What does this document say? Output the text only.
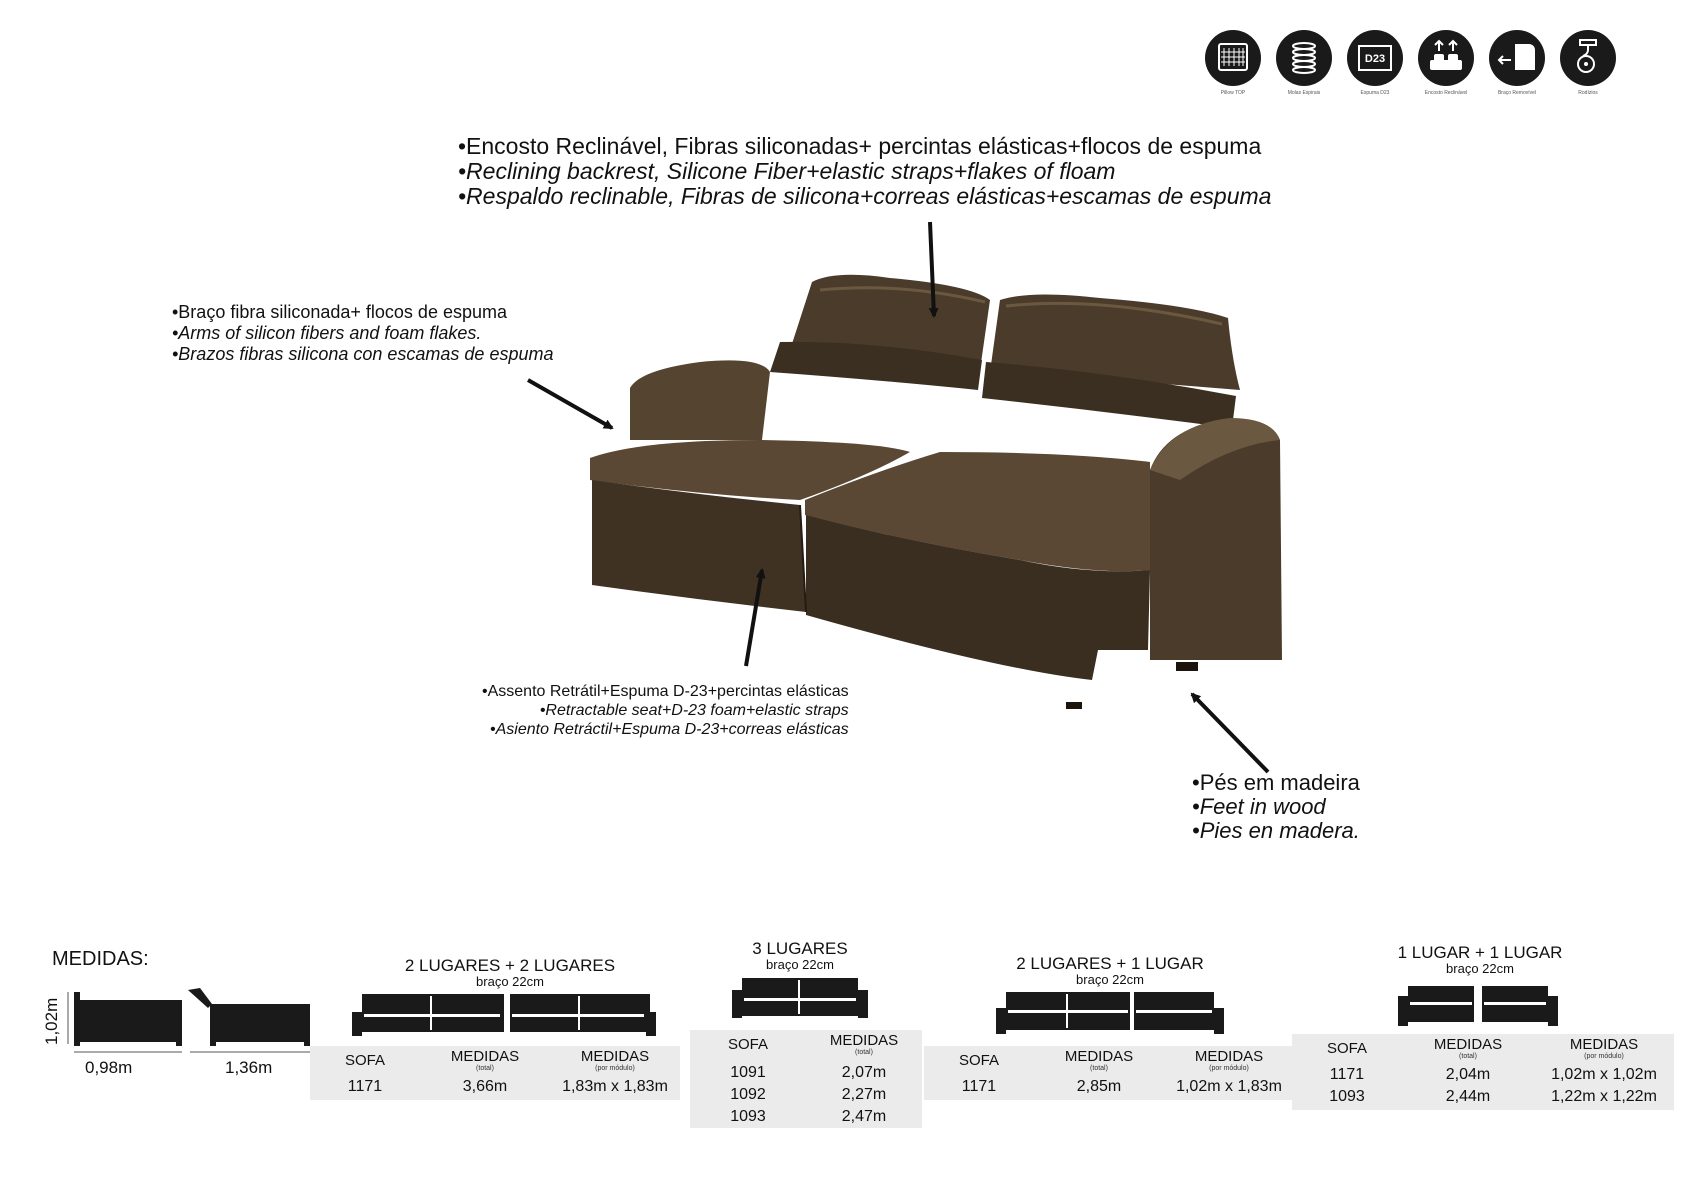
Pillow TOP	Molas Espirais
D23
Espuma D23	Encosto Reclinável	Braço Removível	Rodízios
•Encosto Reclinável, Fibras siliconadas+ percintas elásticas+flocos de espuma
•Reclining backrest, Silicone Fiber+elastic straps+flakes of floam
•Respaldo reclinable, Fibras de silicona+correas elásticas+escamas de espuma
•Braço fibra siliconada+ flocos de espuma
•Arms of silicon fibers and foam flakes.
•Brazos fibras silicona con escamas de espuma
•Assento Retrátil+Espuma D-23+percintas elásticas
•Retractable seat+D-23 foam+elastic straps
•Asiento Retráctil+Espuma D-23+correas elásticas
•Pés em madeira
•Feet in wood
•Pies en madera.
MEDIDAS:
1,02m
0,98m	1,36m
2 LUGARES + 2 LUGARES
braço 22cm
SOFA	MEDIDAS
(total)
MEDIDAS
(por módulo)
1171	3,66m	1,83m x 1,83m
3 LUGARES
braço 22cm
SOFA	MEDIDAS
(total)
1091	2,07m
1092	2,27m
1093	2,47m
2 LUGARES + 1 LUGAR
braço 22cm
SOFA	MEDIDAS
(total)
MEDIDAS
(por módulo)
1171	2,85m	1,02m x 1,83m
1 LUGAR + 1 LUGAR
braço 22cm
SOFA	MEDIDAS
(total)
MEDIDAS
(por módulo)
1171	2,04m	1,02m x 1,02m
1093	2,44m	1,22m x 1,22m
